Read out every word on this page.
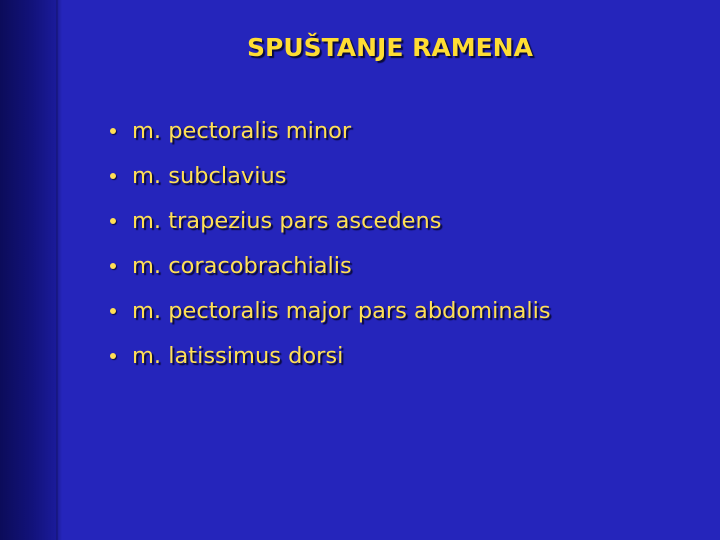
SPUŠTANJE RAMENA
m. pectoralis minor
m. subclavius
m. trapezius pars ascedens
m. coracobrachialis
m. pectoralis major pars abdominalis
m. latissimus dorsi
